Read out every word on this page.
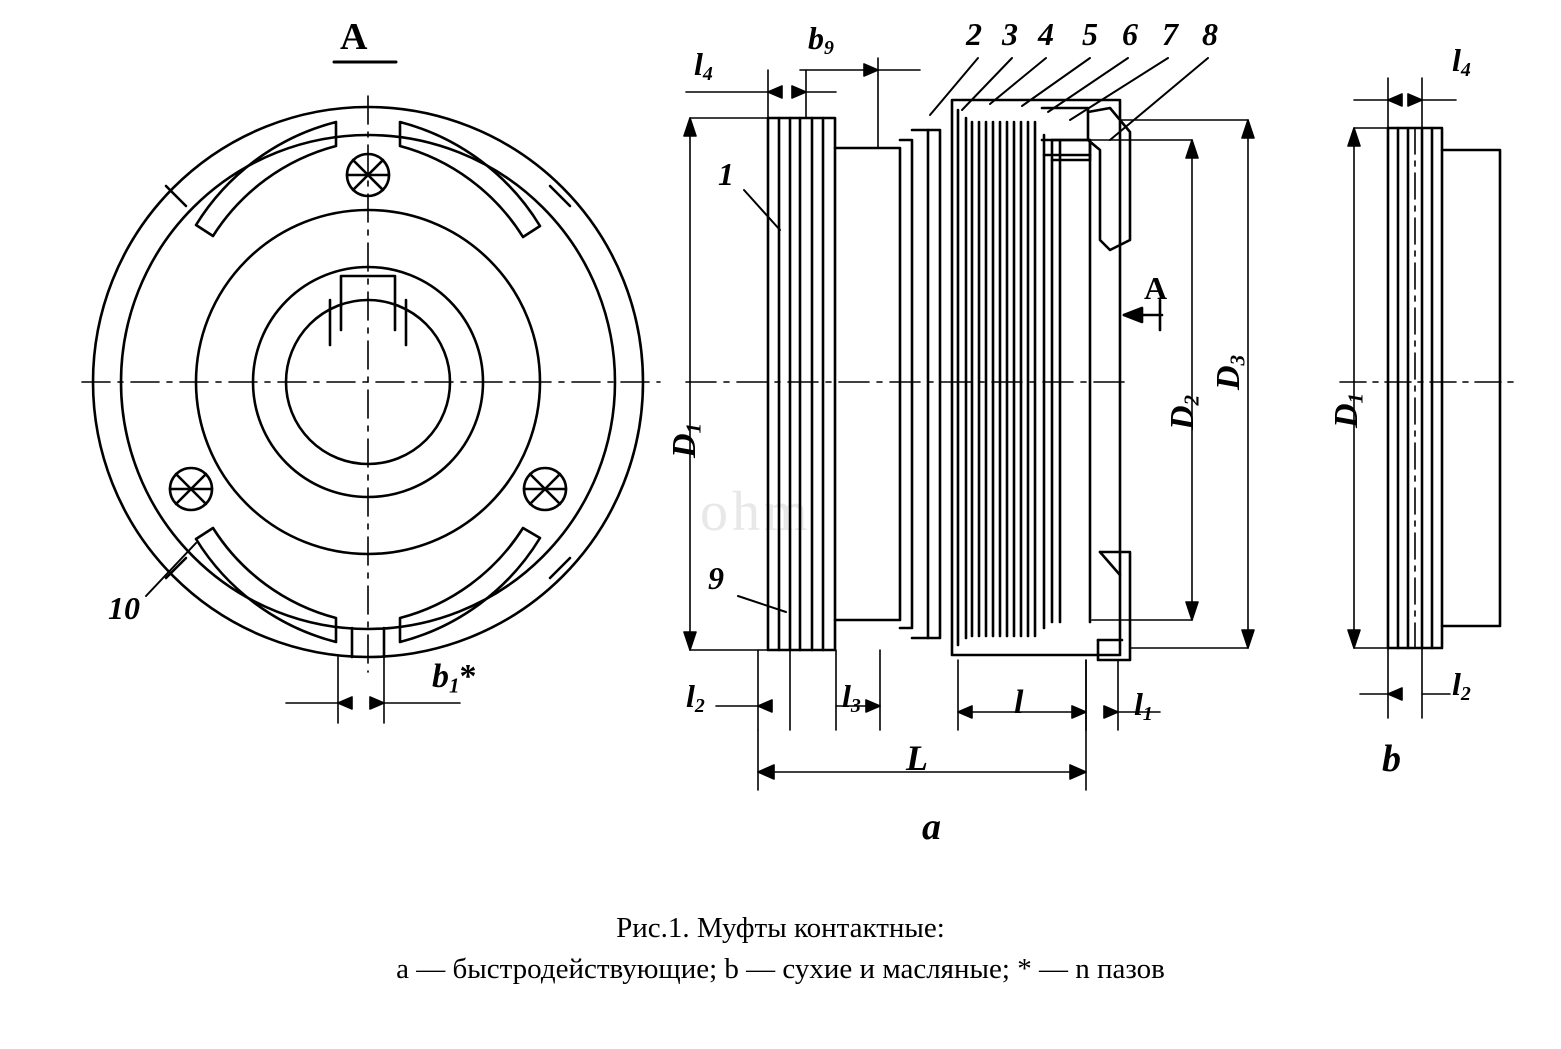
ohm
A
10
$b_1*$
2 3 4 5 6 7 8
1
9
$l_4$
$b_9$
$D_1$	$D_2$
$D_3$
A
$l_2$	$l_3$	l	$l_1$
L
a
$l_4$
$D_1$
$l_2$
b
Рис.1. Муфты контактные:
a — быстродействующие; b — сухие и масляные; * — n пазов
